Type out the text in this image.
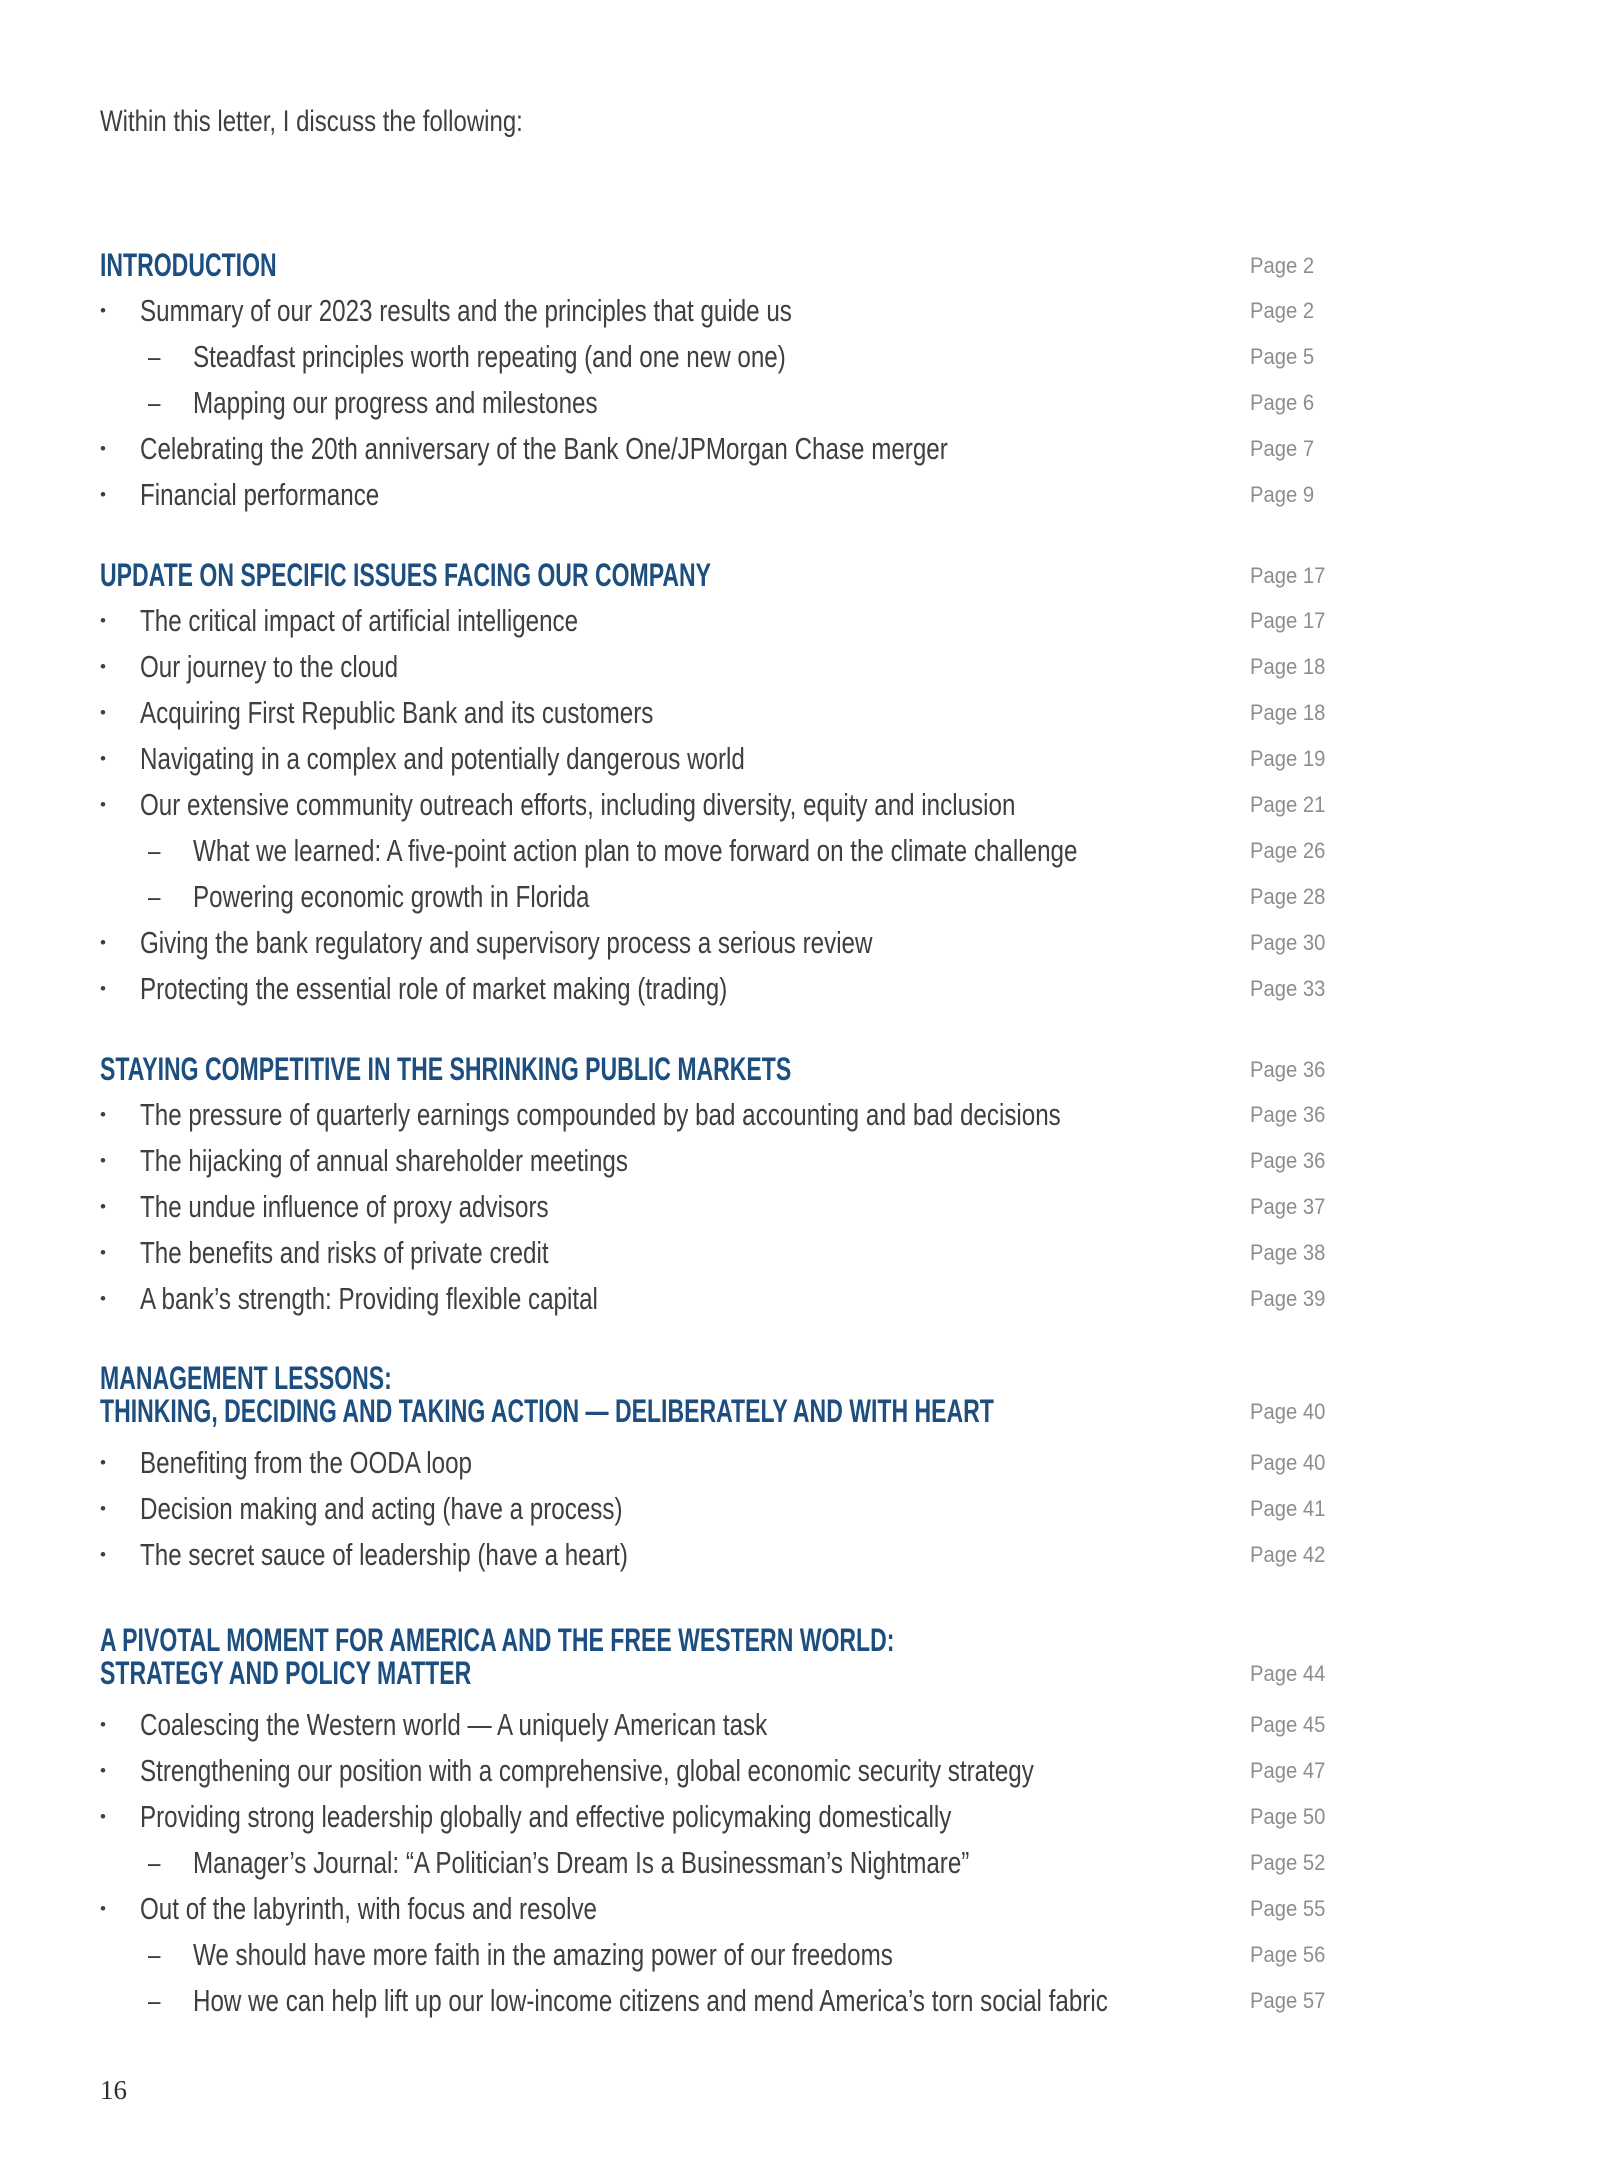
Within this letter, I discuss the following:

INTRODUCTION	Page 2
•	Summary of our 2023 results and the principles that guide us	Page 2
–	Steadfast principles worth repeating (and one new one)	Page 5
–	Mapping our progress and milestones	Page 6
•	Celebrating the 20th anniversary of the Bank One/JPMorgan Chase merger	Page 7
•	Financial performance	Page 9
UPDATE ON SPECIFIC ISSUES FACING OUR COMPANY	Page 17
•	The critical impact of artificial intelligence	Page 17
•	Our journey to the cloud	Page 18
•	Acquiring First Republic Bank and its customers	Page 18
•	Navigating in a complex and potentially dangerous world	Page 19
•	Our extensive community outreach efforts, including diversity, equity and inclusion	Page 21
–	What we learned: A five-point action plan to move forward on the climate challenge	Page 26
–	Powering economic growth in Florida	Page 28
•	Giving the bank regulatory and supervisory process a serious review	Page 30
•	Protecting the essential role of market making (trading)	Page 33
STAYING COMPETITIVE IN THE SHRINKING PUBLIC MARKETS	Page 36
•	The pressure of quarterly earnings compounded by bad accounting and bad decisions	Page 36
•	The hijacking of annual shareholder meetings	Page 36
•	The undue influence of proxy advisors	Page 37
•	The benefits and risks of private credit	Page 38
•	A bank’s strength: Providing flexible capital	Page 39
MANAGEMENT LESSONS:
THINKING, DECIDING AND TAKING ACTION — DELIBERATELY AND WITH HEART	Page 40
•	Benefiting from the OODA loop	Page 40
•	Decision making and acting (have a process)	Page 41
•	The secret sauce of leadership (have a heart)	Page 42
A PIVOTAL MOMENT FOR AMERICA AND THE FREE WESTERN WORLD:
STRATEGY AND POLICY MATTER	Page 44
•	Coalescing the Western world — A uniquely American task	Page 45
•	Strengthening our position with a comprehensive, global economic security strategy	Page 47
•	Providing strong leadership globally and effective policymaking domestically	Page 50
–	Manager’s Journal: “A Politician’s Dream Is a Businessman’s Nightmare”	Page 52
•	Out of the labyrinth, with focus and resolve	Page 55
–	We should have more faith in the amazing power of our freedoms	Page 56
–	How we can help lift up our low-income citizens and mend America’s torn social fabric	Page 57
16
